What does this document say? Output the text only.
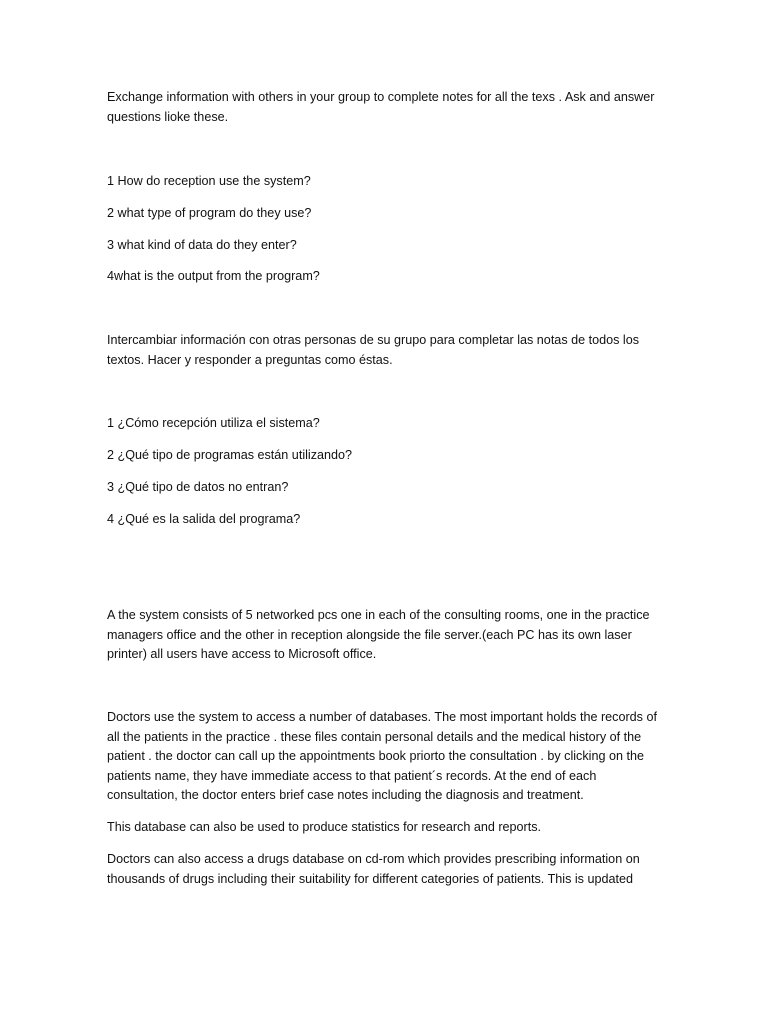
Exchange information with others in your group to complete notes for all the texs . Ask and answer questions lioke these.

1 How do reception use the system?

2 what type of program do they use?

3 what kind of data do they enter?

4what is the output from the program?

Intercambiar información con otras personas de su grupo para completar las notas de todos los textos. Hacer y responder a preguntas como éstas.

1 ¿Cómo recepción utiliza el sistema?

2 ¿Qué tipo de programas están utilizando?

3 ¿Qué tipo de datos no entran?

4 ¿Qué es la salida del programa?

A the system consists of 5 networked pcs one in each of the consulting rooms, one in the practice managers office and the other in reception alongside the file server.(each PC has its own laser printer) all users have access to Microsoft office.

Doctors use the system to access a number of databases. The most important holds the records of all the patients in the practice . these files contain personal details and the medical history of the patient . the doctor can call up the appointments book priorto the consultation . by clicking on the patients name, they have immediate access to that patient´s records. At the end of each consultation, the doctor enters brief case notes including the diagnosis and treatment.

This database can also be used to produce statistics for research and reports.

Doctors can also access a drugs database on cd-rom which provides prescribing information on thousands of drugs including their suitability for different categories of patients. This is updated
